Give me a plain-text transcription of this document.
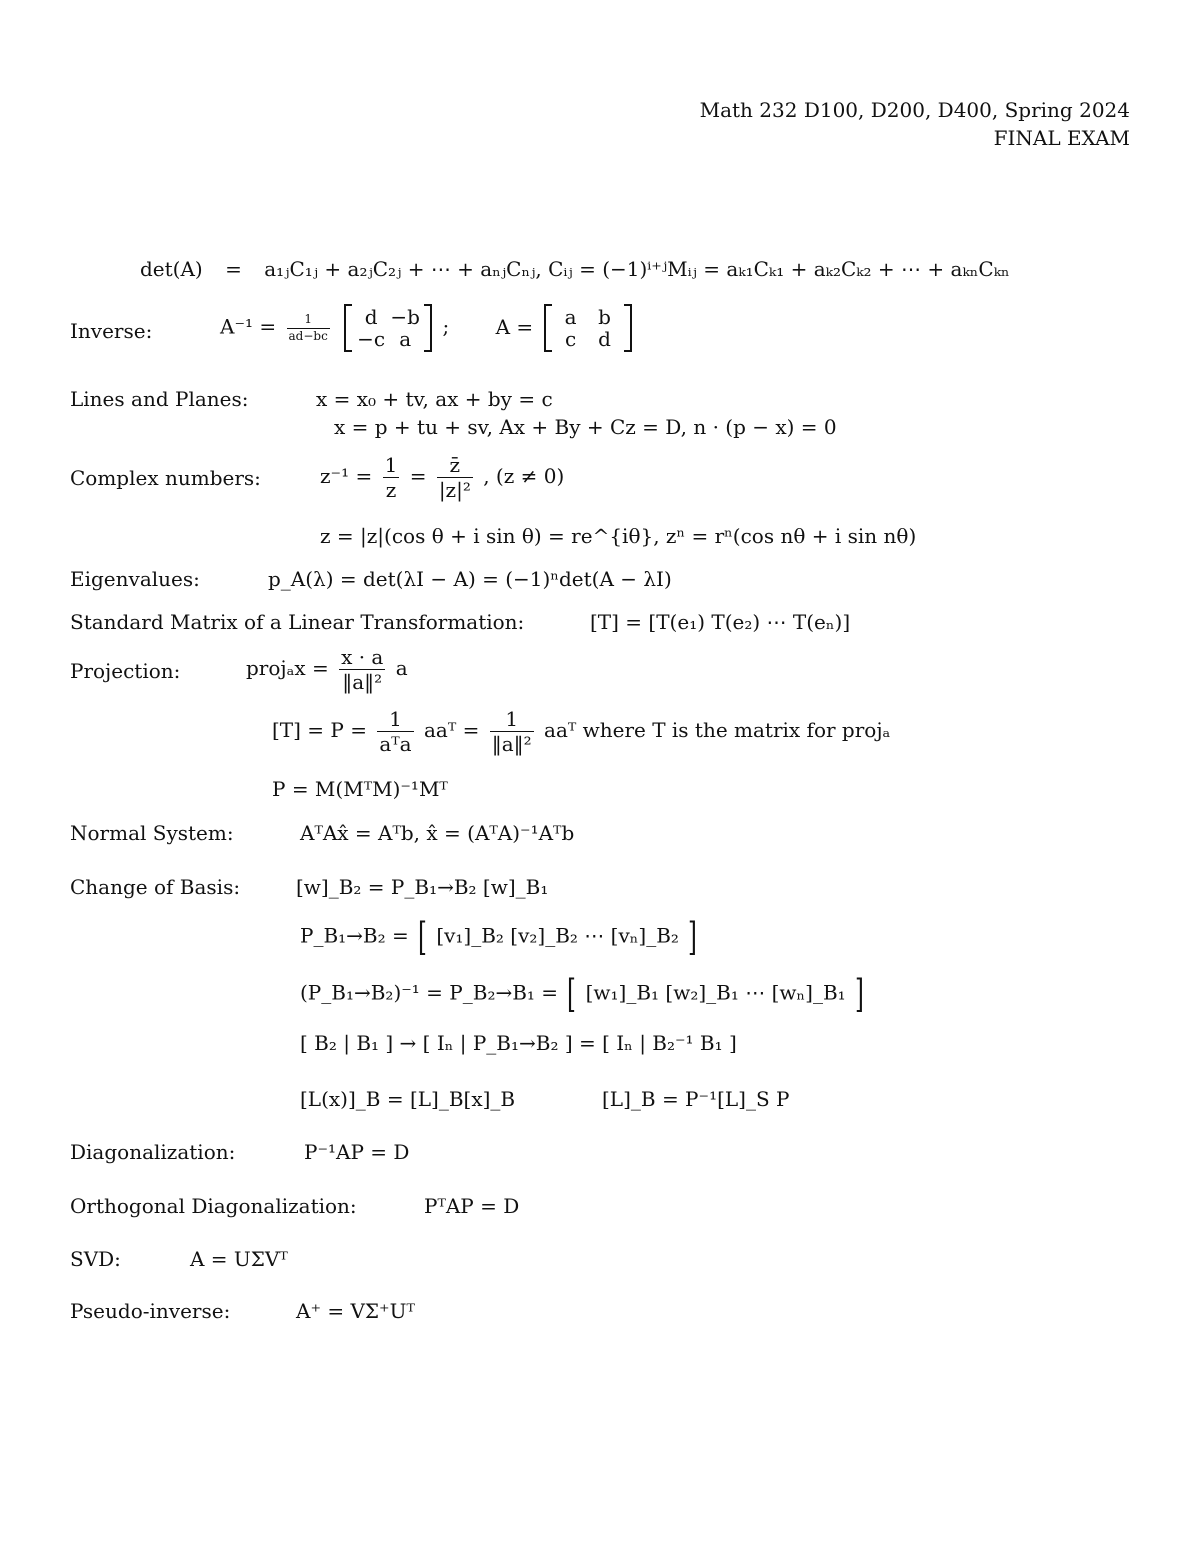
Math 232 D100, D200, D400, Spring 2024
FINAL EXAM
det(A) = a₁ⱼC₁ⱼ + a₂ⱼC₂ⱼ + ⋯ + aₙⱼCₙⱼ, Cᵢⱼ = (−1)ⁱ⁺ʲMᵢⱼ = aₖ₁Cₖ₁ + aₖ₂Cₖ₂ + ⋯ + aₖₙCₖₙ
Inverse:	$A^{-1} = \frac{1}{ad-bc}$
	d −b
−c a
; A =	a b
c d
Lines and Planes:	x = x₀ + tv, ax + by = c
x = p + tu + sv, Ax + By + Cz = D, n · (p − x) = 0
Complex numbers:	$z^{-1} = \frac{1}{z} = \frac{z̄}{\text{|z|²}}$ , (z ≠ 0)
z = |z|(cos θ + i sin θ) = re^{iθ}, zⁿ = rⁿ(cos nθ + i sin nθ)
Eigenvalues:	p_A(λ) = det(λI − A) = (−1)ⁿdet(A − λI)
Standard Matrix of a Linear Transformation:	[T] = [T(e₁) T(e₂) ⋯ T(eₙ)]
Projection:	projₐx = $\frac{x \cdot a}{\text{‖a‖²}}$ a
$[T] = P = \frac{1}{\text{aᵀa}}$ aaᵀ = $\frac{1}{\text{‖a‖²}}$ aaᵀ where T is the matrix for projₐ
P = M(MᵀM)⁻¹Mᵀ
Normal System:	AᵀAx̂ = Aᵀb, x̂ = (AᵀA)⁻¹Aᵀb
Change of Basis:	[w]_B₂ = P_B₁→B₂ [w]_B₁
P_B₁→B₂ = [ [v₁]_B₂ [v₂]_B₂ ⋯ [vₙ]_B₂ ]
(P_B₁→B₂)⁻¹ = P_B₂→B₁ = [ [w₁]_B₁ [w₂]_B₁ ⋯ [wₙ]_B₁ ]
[ B₂ | B₁ ] → [ Iₙ | P_B₁→B₂ ] = [ Iₙ | B₂⁻¹ B₁ ]
[L(x)]_B = [L]_B[x]_B	[L]_B = P⁻¹[L]_S P
Diagonalization:	P⁻¹AP = D
Orthogonal Diagonalization:	PᵀAP = D
SVD:	A = UΣVᵀ
Pseudo-inverse:	A⁺ = VΣ⁺Uᵀ
